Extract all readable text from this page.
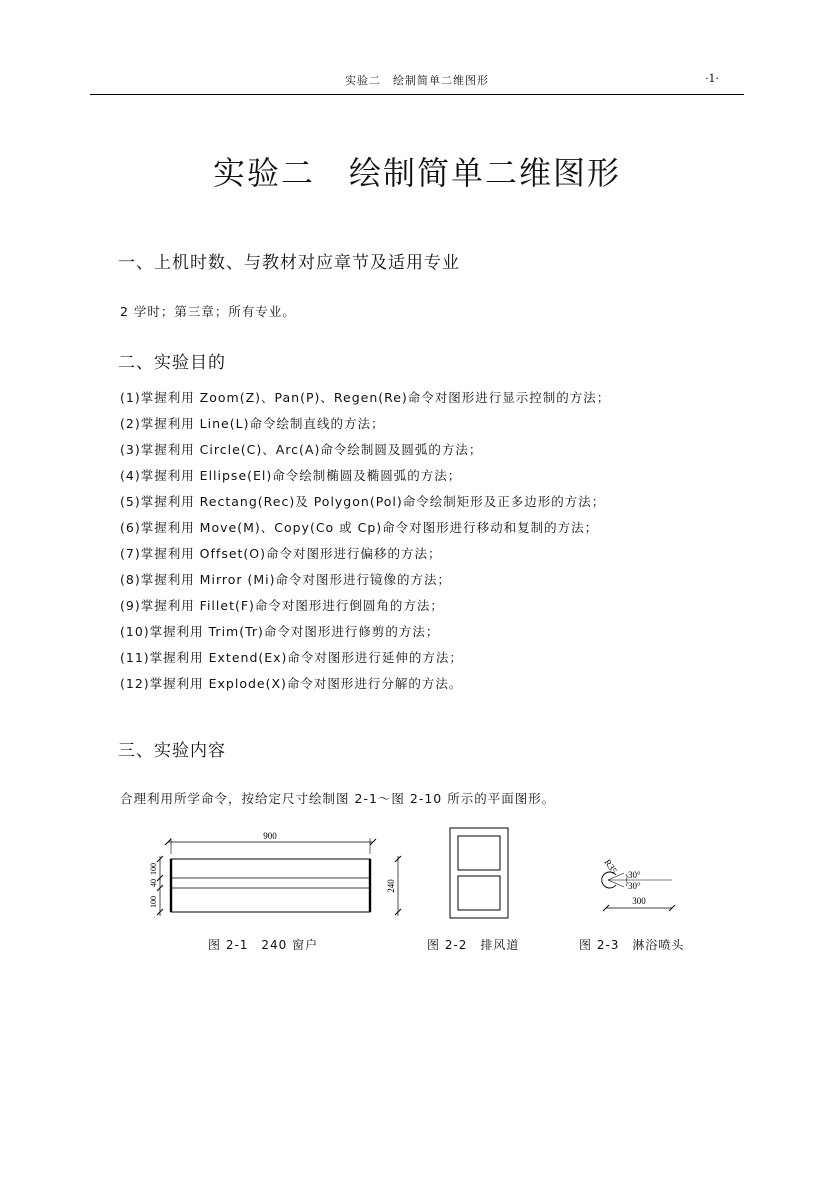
实验二　绘制简单二维图形	·1·
实验二　绘制简单二维图形
一、上机时数、与教材对应章节及适用专业
2 学时；第三章；所有专业。
二、实验目的
(1)掌握利用 Zoom(Z)、Pan(P)、Regen(Re)命令对图形进行显示控制的方法；
(2)掌握利用 Line(L)命令绘制直线的方法；
(3)掌握利用 Circle(C)、Arc(A)命令绘制圆及圆弧的方法；
(4)掌握利用 Ellipse(El)命令绘制椭圆及椭圆弧的方法；
(5)掌握利用 Rectang(Rec)及 Polygon(Pol)命令绘制矩形及正多边形的方法；
(6)掌握利用 Move(M)、Copy(Co 或 Cp)命令对图形进行移动和复制的方法；
(7)掌握利用 Offset(O)命令对图形进行偏移的方法；
(8)掌握利用 Mirror (Mi)命令对图形进行镜像的方法；
(9)掌握利用 Fillet(F)命令对图形进行倒圆角的方法；
(10)掌握利用 Trim(Tr)命令对图形进行修剪的方法；
(11)掌握利用 Extend(Ex)命令对图形进行延伸的方法；
(12)掌握利用 Explode(X)命令对图形进行分解的方法。
三、实验内容
合理利用所学命令，按给定尺寸绘制图 2-1～图 2-10 所示的平面图形。
900
100
40
100
240
R35 30°
30°
300
图 2-1　240 窗户	图 2-2　排风道	图 2-3　淋浴喷头
